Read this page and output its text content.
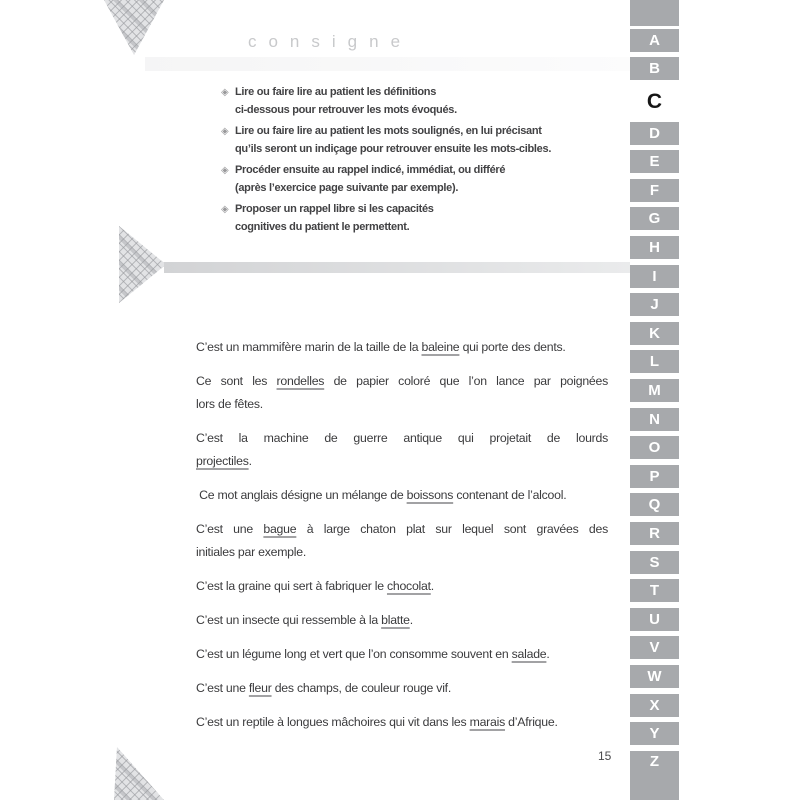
consigne
◈ Lire ou faire lire au patient les définitions
ci-dessous pour retrouver les mots évoqués.
◈ Lire ou faire lire au patient les mots soulignés, en lui précisant
qu’ils seront un indiçage pour retrouver ensuite les mots-cibles.
◈ Procéder ensuite au rappel indicé, immédiat, ou différé
(après l’exercice page suivante par exemple).
◈ Proposer un rappel libre si les capacités
cognitives du patient le permettent.

C’est un mammifère marin de la taille de la baleine qui porte des dents.

Ce sont les rondelles de papier coloré que l’on lance par poignées
lors de fêtes.

C’est la machine de guerre antique qui projetait de lourds
projectiles.

Ce mot anglais désigne un mélange de boissons contenant de l’alcool.

C’est une bague à large chaton plat sur lequel sont gravées des
initiales par exemple.

C’est la graine qui sert à fabriquer le chocolat.

C’est un insecte qui ressemble à la blatte.

C’est un légume long et vert que l’on consomme souvent en salade.

C’est une fleur des champs, de couleur rouge vif.

C’est un reptile à longues mâchoires qui vit dans les marais d’Afrique.

15
A
B
C
D
E
F
G
H
I
J
K
L
M
N
O
P
Q
R
S
T
U
V
W
X
Y
Z
